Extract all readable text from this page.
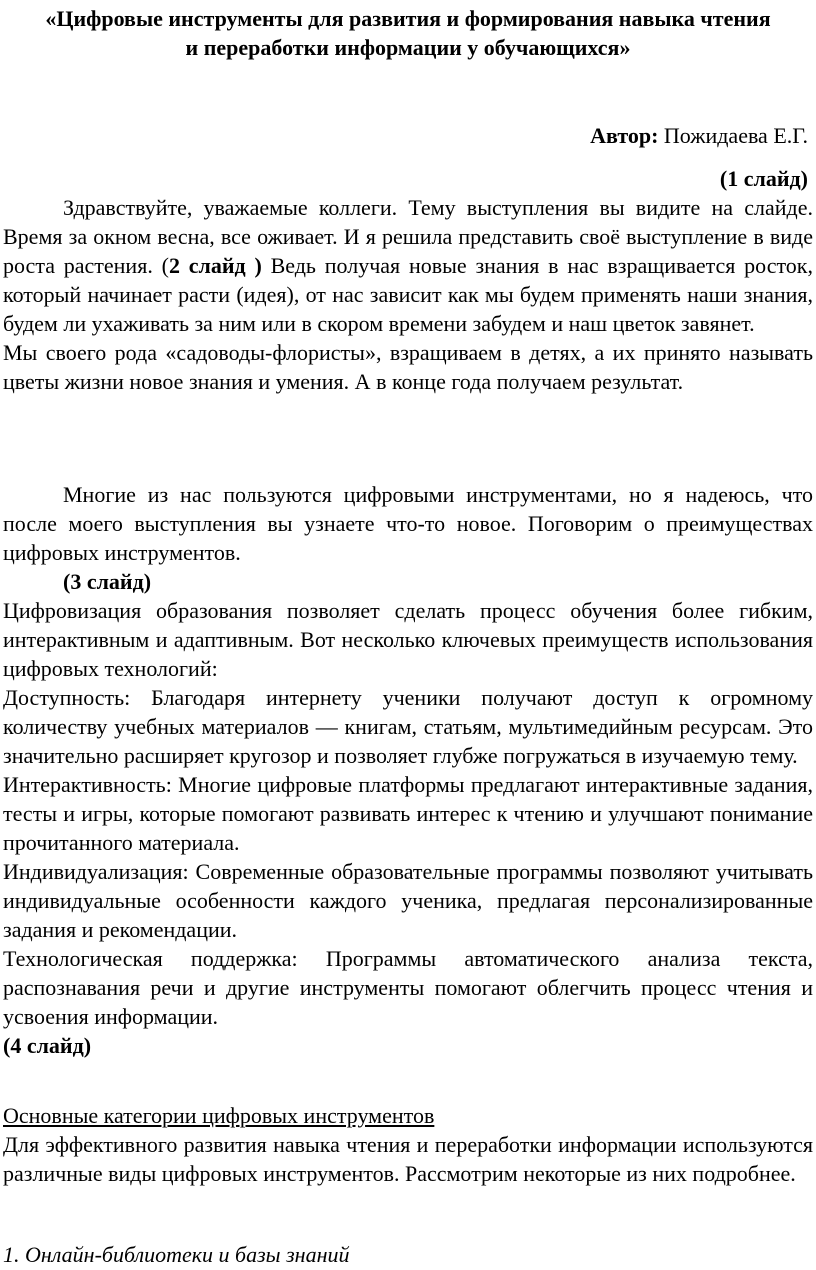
«Цифровые инструменты для развития и формирования навыка чтения
и переработки информации у обучающихся»
Автор: Пожидаева Е.Г.
(1 слайд)

Здравствуйте, уважаемые коллеги. Тему выступления вы видите на слайде. Время за окном весна, все оживает. И я решила представить своё выступление в виде роста растения. (2 слайд ) Ведь получая новые знания в нас взращивается росток, который начинает расти (идея), от нас зависит как мы будем применять наши знания, будем ли ухаживать за ним или в скором времени забудем и наш цветок завянет.

Мы своего рода «садоводы-флористы», взращиваем в детях, а их принято называть цветы жизни новое знания и умения. А в конце года получаем результат.

Многие из нас пользуются цифровыми инструментами, но я надеюсь, что после моего выступления вы узнаете что-то новое. Поговорим о преимуществах цифровых инструментов.

(3 слайд)

Цифровизация образования позволяет сделать процесс обучения более гибким, интерактивным и адаптивным. Вот несколько ключевых преимуществ использования цифровых технологий:

Доступность: Благодаря интернету ученики получают доступ к огромному количеству учебных материалов — книгам, статьям, мультимедийным ресурсам. Это значительно расширяет кругозор и позволяет глубже погружаться в изучаемую тему.

Интерактивность: Многие цифровые платформы предлагают интерактивные задания, тесты и игры, которые помогают развивать интерес к чтению и улучшают понимание прочитанного материала.

Индивидуализация: Современные образовательные программы позволяют учитывать индивидуальные особенности каждого ученика, предлагая персонализированные задания и рекомендации.

Технологическая поддержка: Программы автоматического анализа текста, распознавания речи и другие инструменты помогают облегчить процесс чтения и усвоения информации.

(4 слайд)

Основные категории цифровых инструментов

Для эффективного развития навыка чтения и переработки информации используются различные виды цифровых инструментов. Рассмотрим некоторые из них подробнее.

1. Онлайн-библиотеки и базы знаний
